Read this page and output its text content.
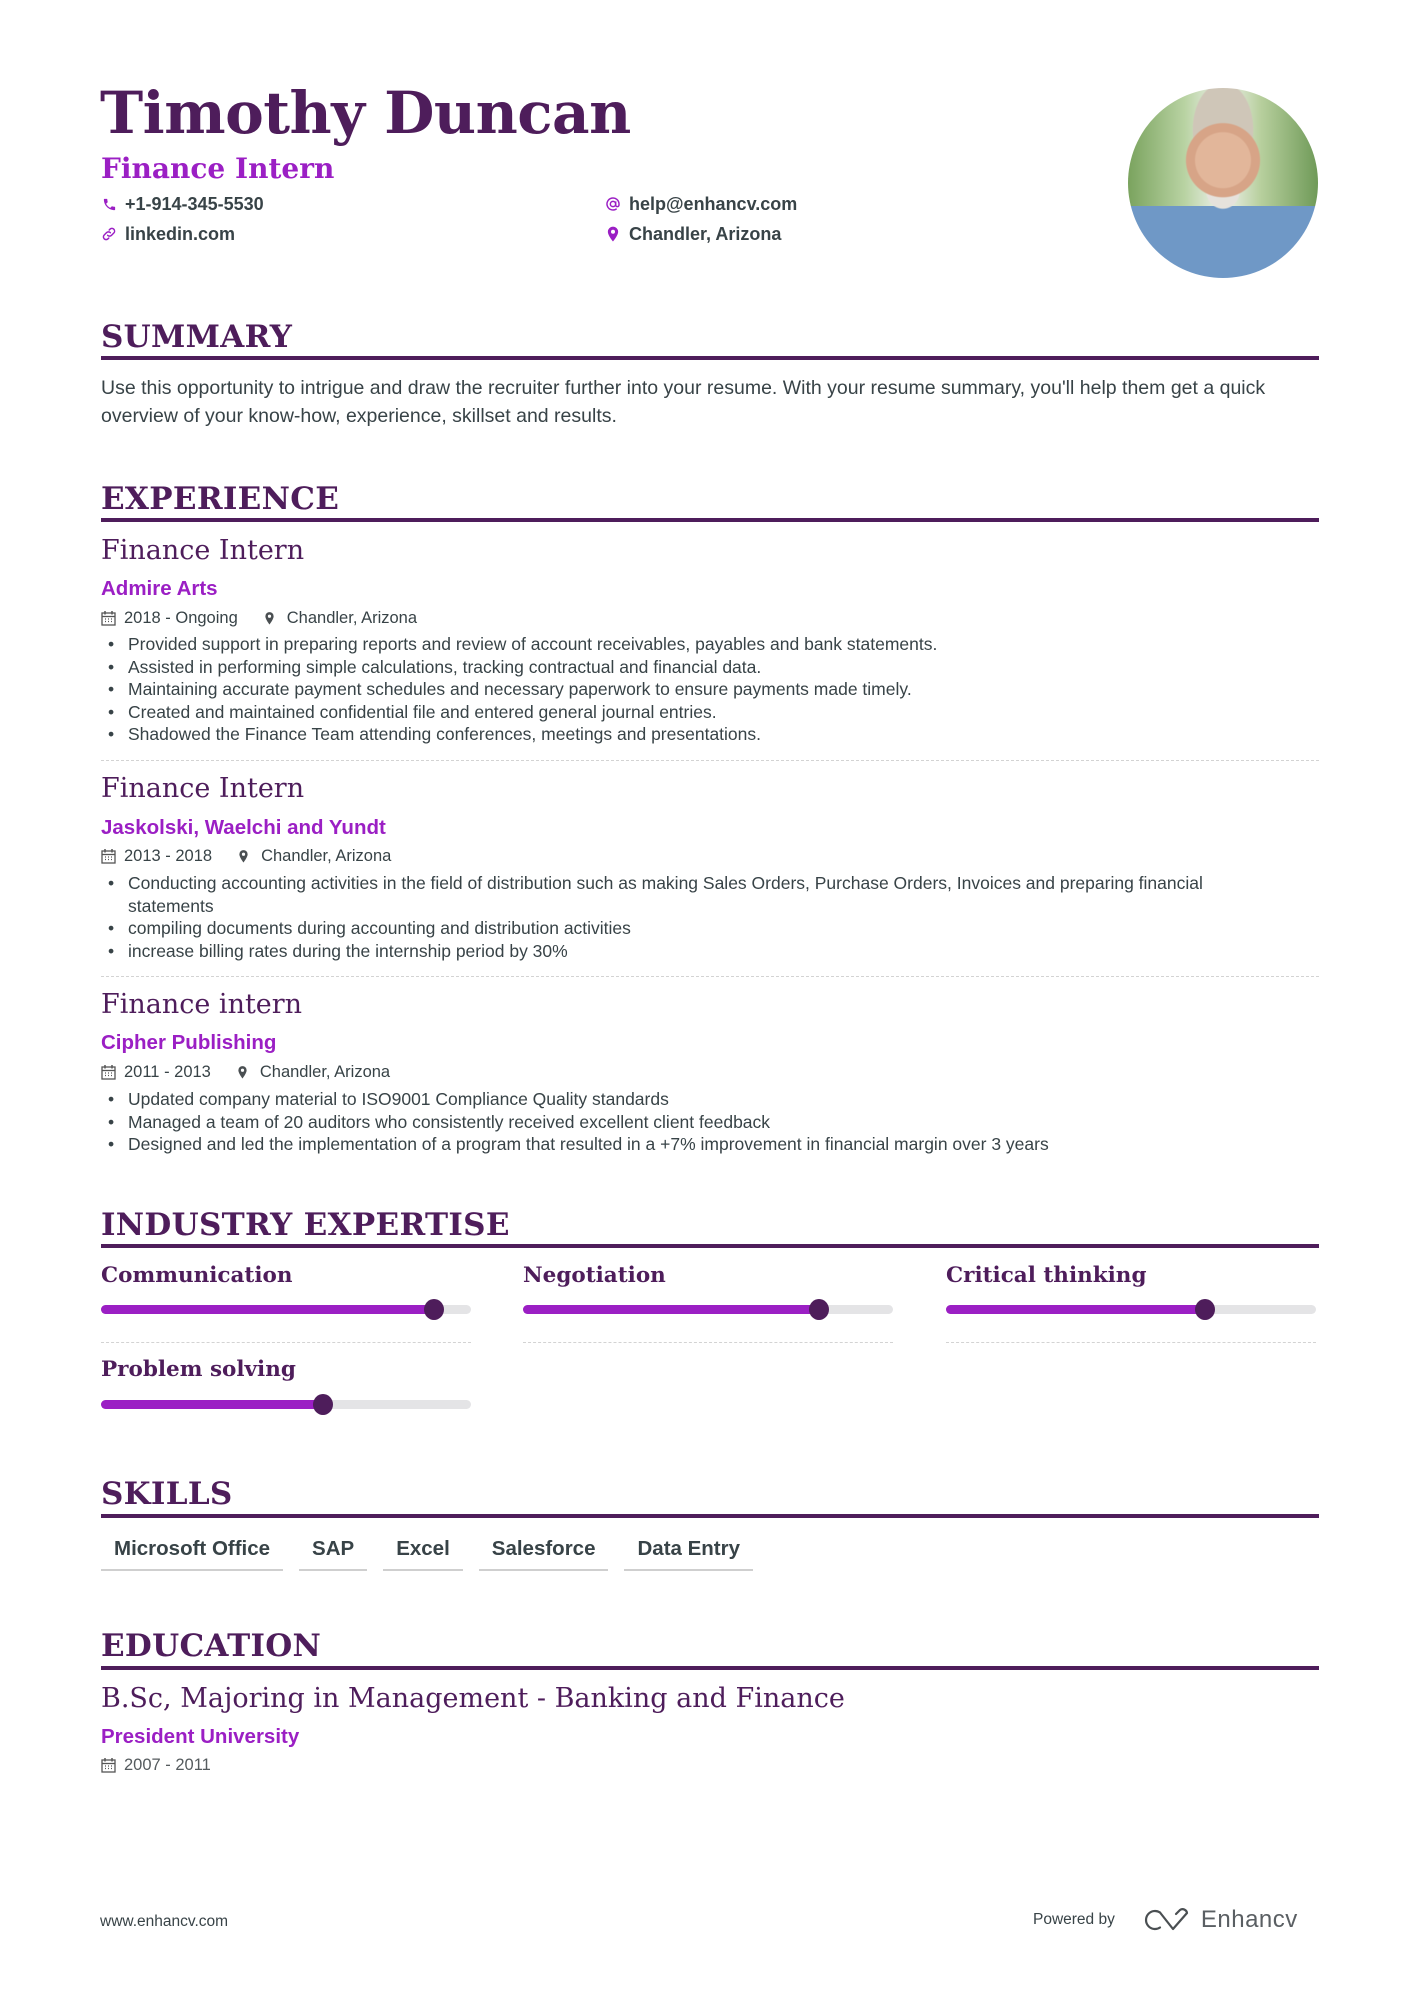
Timothy Duncan
Finance Intern
+1-914-345-5530	help@enhancv.com
linkedin.com	Chandler, Arizona
SUMMARY
Use this opportunity to intrigue and draw the recruiter further into your resume. With your resume summary, you'll help them get a quick overview of your know-how, experience, skillset and results.
EXPERIENCE
Finance Intern
Admire Arts
2018 - Ongoing	Chandler, Arizona
• Provided support in preparing reports and review of account receivables, payables and bank statements.
• Assisted in performing simple calculations, tracking contractual and financial data.
• Maintaining accurate payment schedules and necessary paperwork to ensure payments made timely.
• Created and maintained confidential file and entered general journal entries.
• Shadowed the Finance Team attending conferences, meetings and presentations.
Finance Intern
Jaskolski, Waelchi and Yundt
2013 - 2018	Chandler, Arizona
• Conducting accounting activities in the field of distribution such as making Sales Orders, Purchase Orders, Invoices and preparing financial statements
• compiling documents during accounting and distribution activities
• increase billing rates during the internship period by 30%
Finance intern
Cipher Publishing
2011 - 2013	Chandler, Arizona
• Updated company material to ISO9001 Compliance Quality standards
• Managed a team of 20 auditors who consistently received excellent client feedback
• Designed and led the implementation of a program that resulted in a +7% improvement in financial margin over 3 years
INDUSTRY EXPERTISE
Communication	Negotiation	Critical thinking
Problem solving
SKILLS
Microsoft Office	SAP	Excel	Salesforce	Data Entry
EDUCATION
B.Sc, Majoring in Management - Banking and Finance
President University
2007 - 2011
www.enhancv.com	Powered by	Enhancv
